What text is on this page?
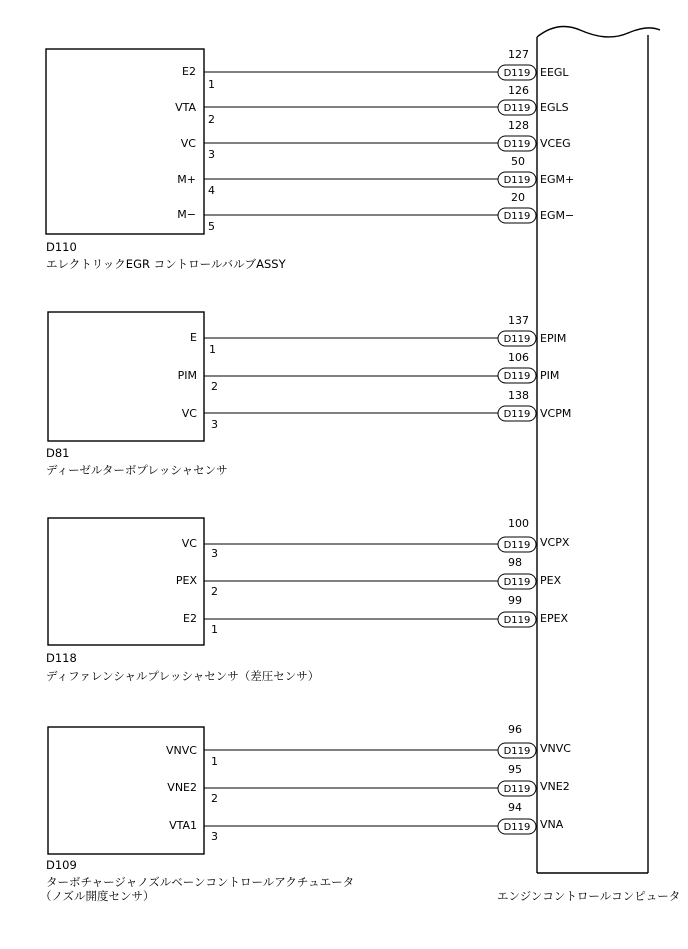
エンジンコントロールコンピュータ
D110
エレクトリックEGR コントロールバルブASSY
E2
1
127
D119 EEGL
VTA
2
126
D119 EGLS
VC
3
128
D119 VCEG
M+
4
50
D119 EGM+
M−
5
20
D119 EGM−
D81
ディーゼルターボプレッシャセンサ
E
1
137
D119 EPIM
PIM
2
106
D119 PIM
VC
3
138
D119 VCPM
D118
ディファレンシャルプレッシャセンサ（差圧センサ）
VC
3
100
D119 VCPX
PEX
2
98
D119 PEX
E2
1
99
D119 EPEX
D109
ターボチャージャノズルベーンコントロールアクチュエータ
（ノズル開度センサ）
VNVC
1
96
D119 VNVC
VNE2
2
95
D119 VNE2
VTA1
3
94
D119 VNA
